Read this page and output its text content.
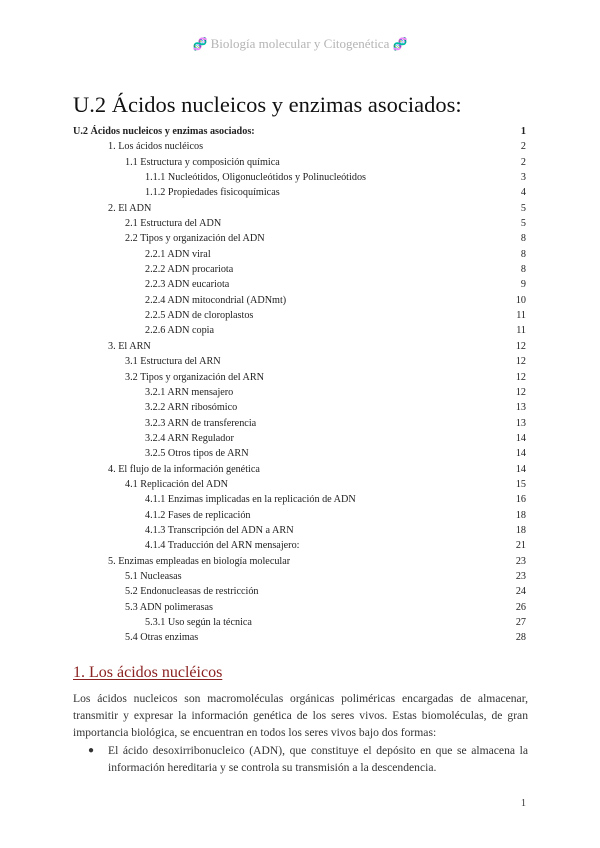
🧬 Biología molecular y Citogenética 🧬
U.2 Ácidos nucleicos y enzimas asociados:
U.2 Ácidos nucleicos y enzimas asociados:	1
1. Los ácidos nucléicos	2
1.1 Estructura y composición química	2
1.1.1 Nucleótidos, Oligonucleótidos y Polinucleótidos	3
1.1.2 Propiedades fisicoquímicas	4
2. El ADN	5
2.1 Estructura del ADN	5
2.2 Tipos y organización del ADN	8
2.2.1 ADN viral	8
2.2.2 ADN procariota	8
2.2.3 ADN eucariota	9
2.2.4 ADN mitocondrial (ADNmt)	10
2.2.5 ADN de cloroplastos	11
2.2.6 ADN copia	11
3. El ARN	12
3.1 Estructura del ARN	12
3.2 Tipos y organización del ARN	12
3.2.1 ARN mensajero	12
3.2.2 ARN ribosómico	13
3.2.3 ARN de transferencia	13
3.2.4 ARN Regulador	14
3.2.5 Otros tipos de ARN	14
4. El flujo de la información genética	14
4.1 Replicación del ADN	15
4.1.1 Enzimas implicadas en la replicación de ADN	16
4.1.2 Fases de replicación	18
4.1.3 Transcripción del ADN a ARN	18
4.1.4 Traducción del ARN mensajero:	21
5. Enzimas empleadas en biología molecular	23
5.1 Nucleasas	23
5.2 Endonucleasas de restricción	24
5.3 ADN polimerasas	26
5.3.1 Uso según la técnica	27
5.4 Otras enzimas	28
1. Los ácidos nucléicos
Los ácidos nucleicos son macromoléculas orgánicas poliméricas encargadas de almacenar, transmitir y expresar la información genética de los seres vivos. Estas biomoléculas, de gran importancia biológica, se encuentran en todos los seres vivos bajo dos formas:
● El ácido desoxirribonucleico (ADN), que constituye el depósito en que se almacena la información hereditaria y se controla su transmisión a la descendencia.
1
